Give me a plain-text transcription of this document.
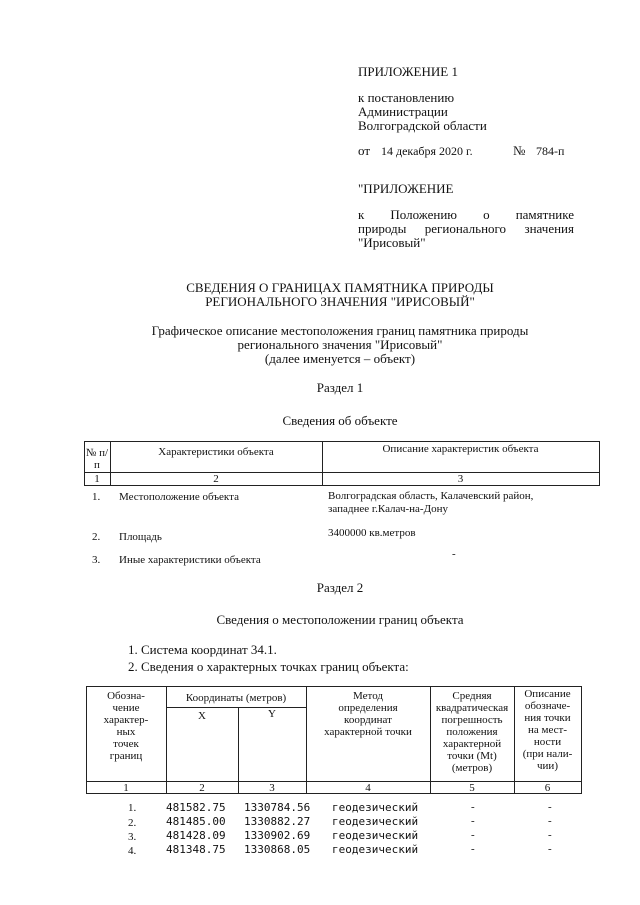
ПРИЛОЖЕНИЕ 1
к постановлению
Администрации
Волгоградской области
от 14 декабря 2020 г.	№ 784-п
"ПРИЛОЖЕНИЕ
к Положению о памятнике
природы регионального значения
"Ирисовый"
СВЕДЕНИЯ О ГРАНИЦАХ ПАМЯТНИКА ПРИРОДЫ
РЕГИОНАЛЬНОГО ЗНАЧЕНИЯ "ИРИСОВЫЙ"
Графическое описание местоположения границ памятника природы
регионального значения "Ирисовый"
(далее именуется – объект)
Раздел 1
Сведения об объекте
№ п/п
Характеристики объекта	Описание характеристик объекта
1	2	3
1. Местоположение объекта	Волгоградская область, Калачевский район,
западнее г.Калач-на-Дону
2. Площадь	3400000 кв.метров
3. Иные характеристики объекта	-
Раздел 2
Сведения о местоположении границ объекта
1. Система координат 34.1.
2. Сведения о характерных точках границ объекта:
Обозна-
чение
характер-
ных
точек
границ
Координаты (метров)
X	Y
Метод
определения
координат
характерной точки
Средняя
квадратическая
погрешность
положения
характерной
точки (Mt)
(метров)
Описание
обозначе-
ния точки
на мест-
ности
(при нали-
чии)
1	2	3	4	5	6
1.	481582.75 1330784.56 геодезический	-	-
2.	481485.00 1330882.27 геодезический	-	-
3.	481428.09 1330902.69 геодезический	-	-
4.	481348.75 1330868.05 геодезический	-	-
